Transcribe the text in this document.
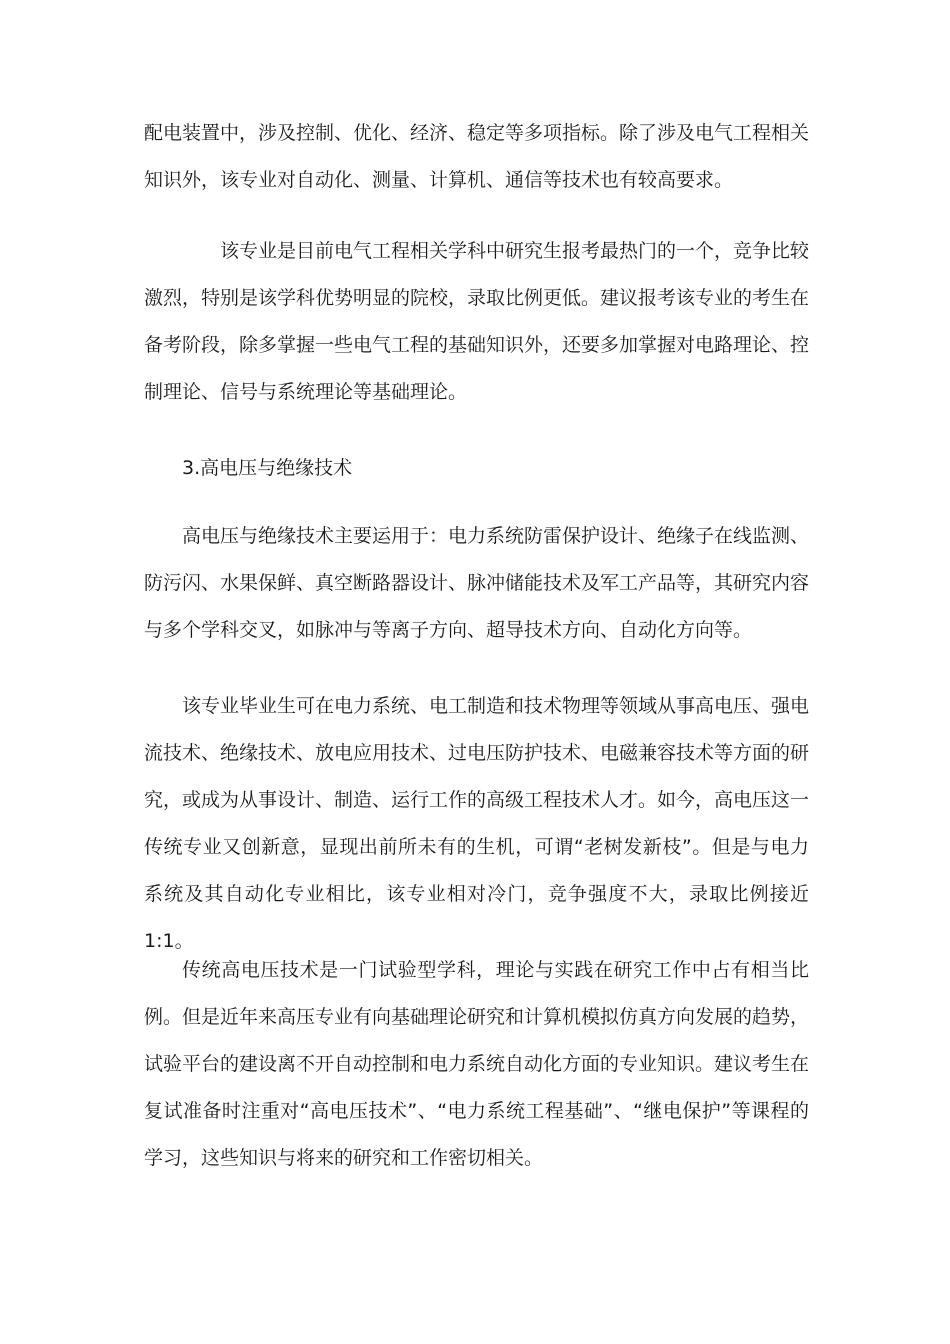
配电装置中，涉及控制、优化、经济、稳定等多项指标。除了涉及电气工程相关知识外，该专业对自动化、测量、计算机、通信等技术也有较高要求。

该专业是目前电气工程相关学科中研究生报考最热门的一个，竞争比较激烈，特别是该学科优势明显的院校，录取比例更低。建议报考该专业的考生在备考阶段，除多掌握一些电气工程的基础知识外，还要多加掌握对电路理论、控制理论、信号与系统理论等基础理论。

3.高电压与绝缘技术

高电压与绝缘技术主要运用于：电力系统防雷保护设计、绝缘子在线监测、防污闪、水果保鲜、真空断路器设计、脉冲储能技术及军工产品等，其研究内容与多个学科交叉，如脉冲与等离子方向、超导技术方向、自动化方向等。

该专业毕业生可在电力系统、电工制造和技术物理等领域从事高电压、强电流技术、绝缘技术、放电应用技术、过电压防护技术、电磁兼容技术等方面的研究，或成为从事设计、制造、运行工作的高级工程技术人才。如今，高电压这一传统专业又创新意，显现出前所未有的生机，可谓“老树发新枝”。但是与电力系统及其自动化专业相比，该专业相对冷门，竞争强度不大，录取比例接近 1:1。

传统高电压技术是一门试验型学科，理论与实践在研究工作中占有相当比例。但是近年来高压专业有向基础理论研究和计算机模拟仿真方向发展的趋势，试验平台的建设离不开自动控制和电力系统自动化方面的专业知识。建议考生在复试准备时注重对“高电压技术”、“电力系统工程基础”、“继电保护”等课程的学习，这些知识与将来的研究和工作密切相关。
